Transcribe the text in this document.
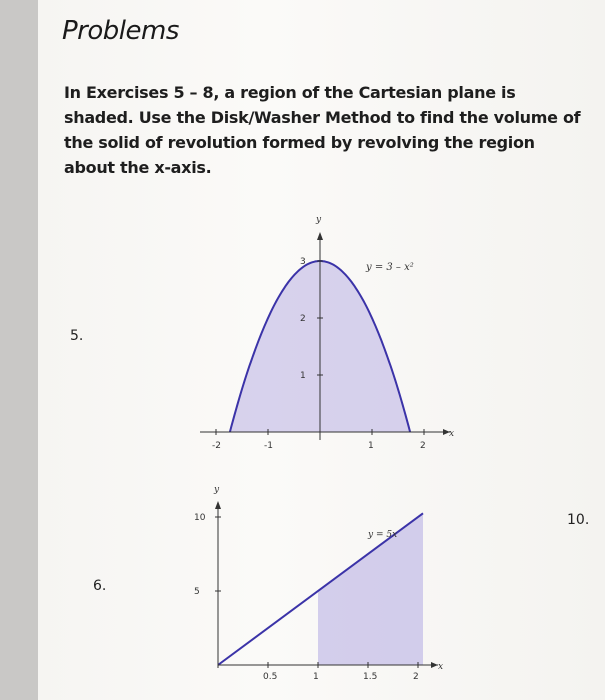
Problems
In Exercises 5 – 8, a region of the Cartesian plane is shaded. Use the Disk/Washer Method to find the volume of the solid of revolution formed by revolving the region about the x-axis.
5.
6.
10.
-2	-1	1	2
1
2
3
x
y
y = 3 – x²
0.5	1	1.5	2
5
10
x
y
y = 5x
